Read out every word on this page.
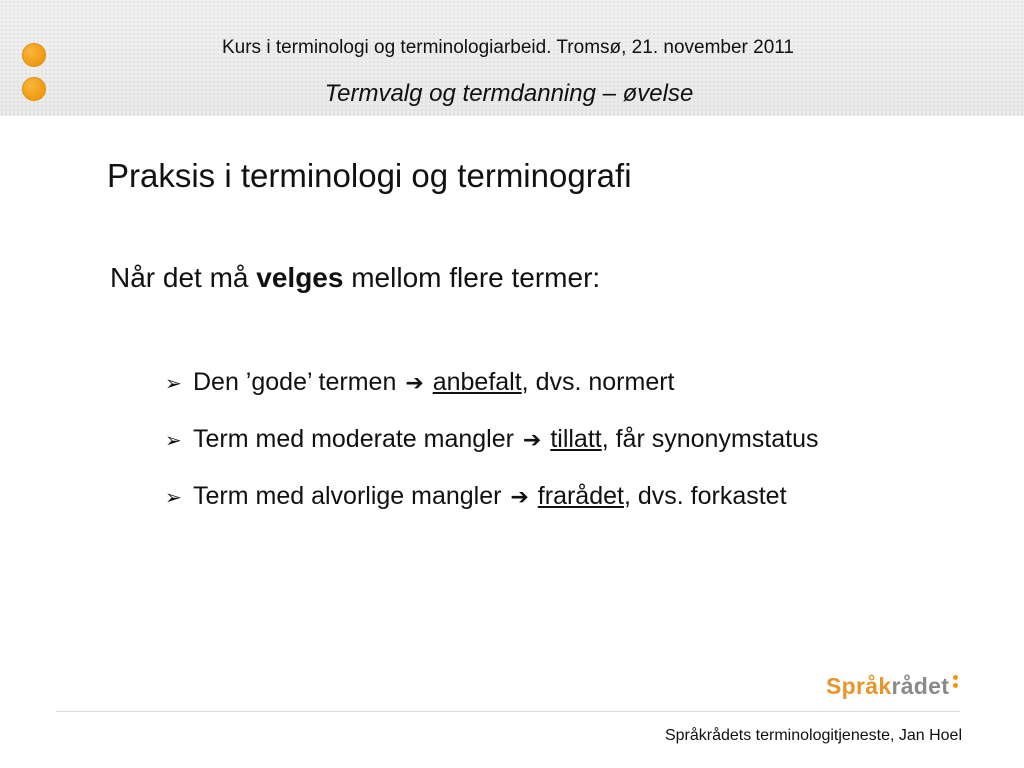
Kurs i terminologi og terminologiarbeid. Tromsø, 21. november 2011
Termvalg og termdanning – øvelse
Praksis i terminologi og terminografi
Når det må velges mellom flere termer:
➢ Den ’gode’ termen ➔ anbefalt, dvs. normert
➢ Term med moderate mangler ➔ tillatt, får synonymstatus
➢ Term med alvorlige mangler ➔ frarådet, dvs. forkastet
Språkrådet
Språkrådets terminologitjeneste, Jan Hoel
